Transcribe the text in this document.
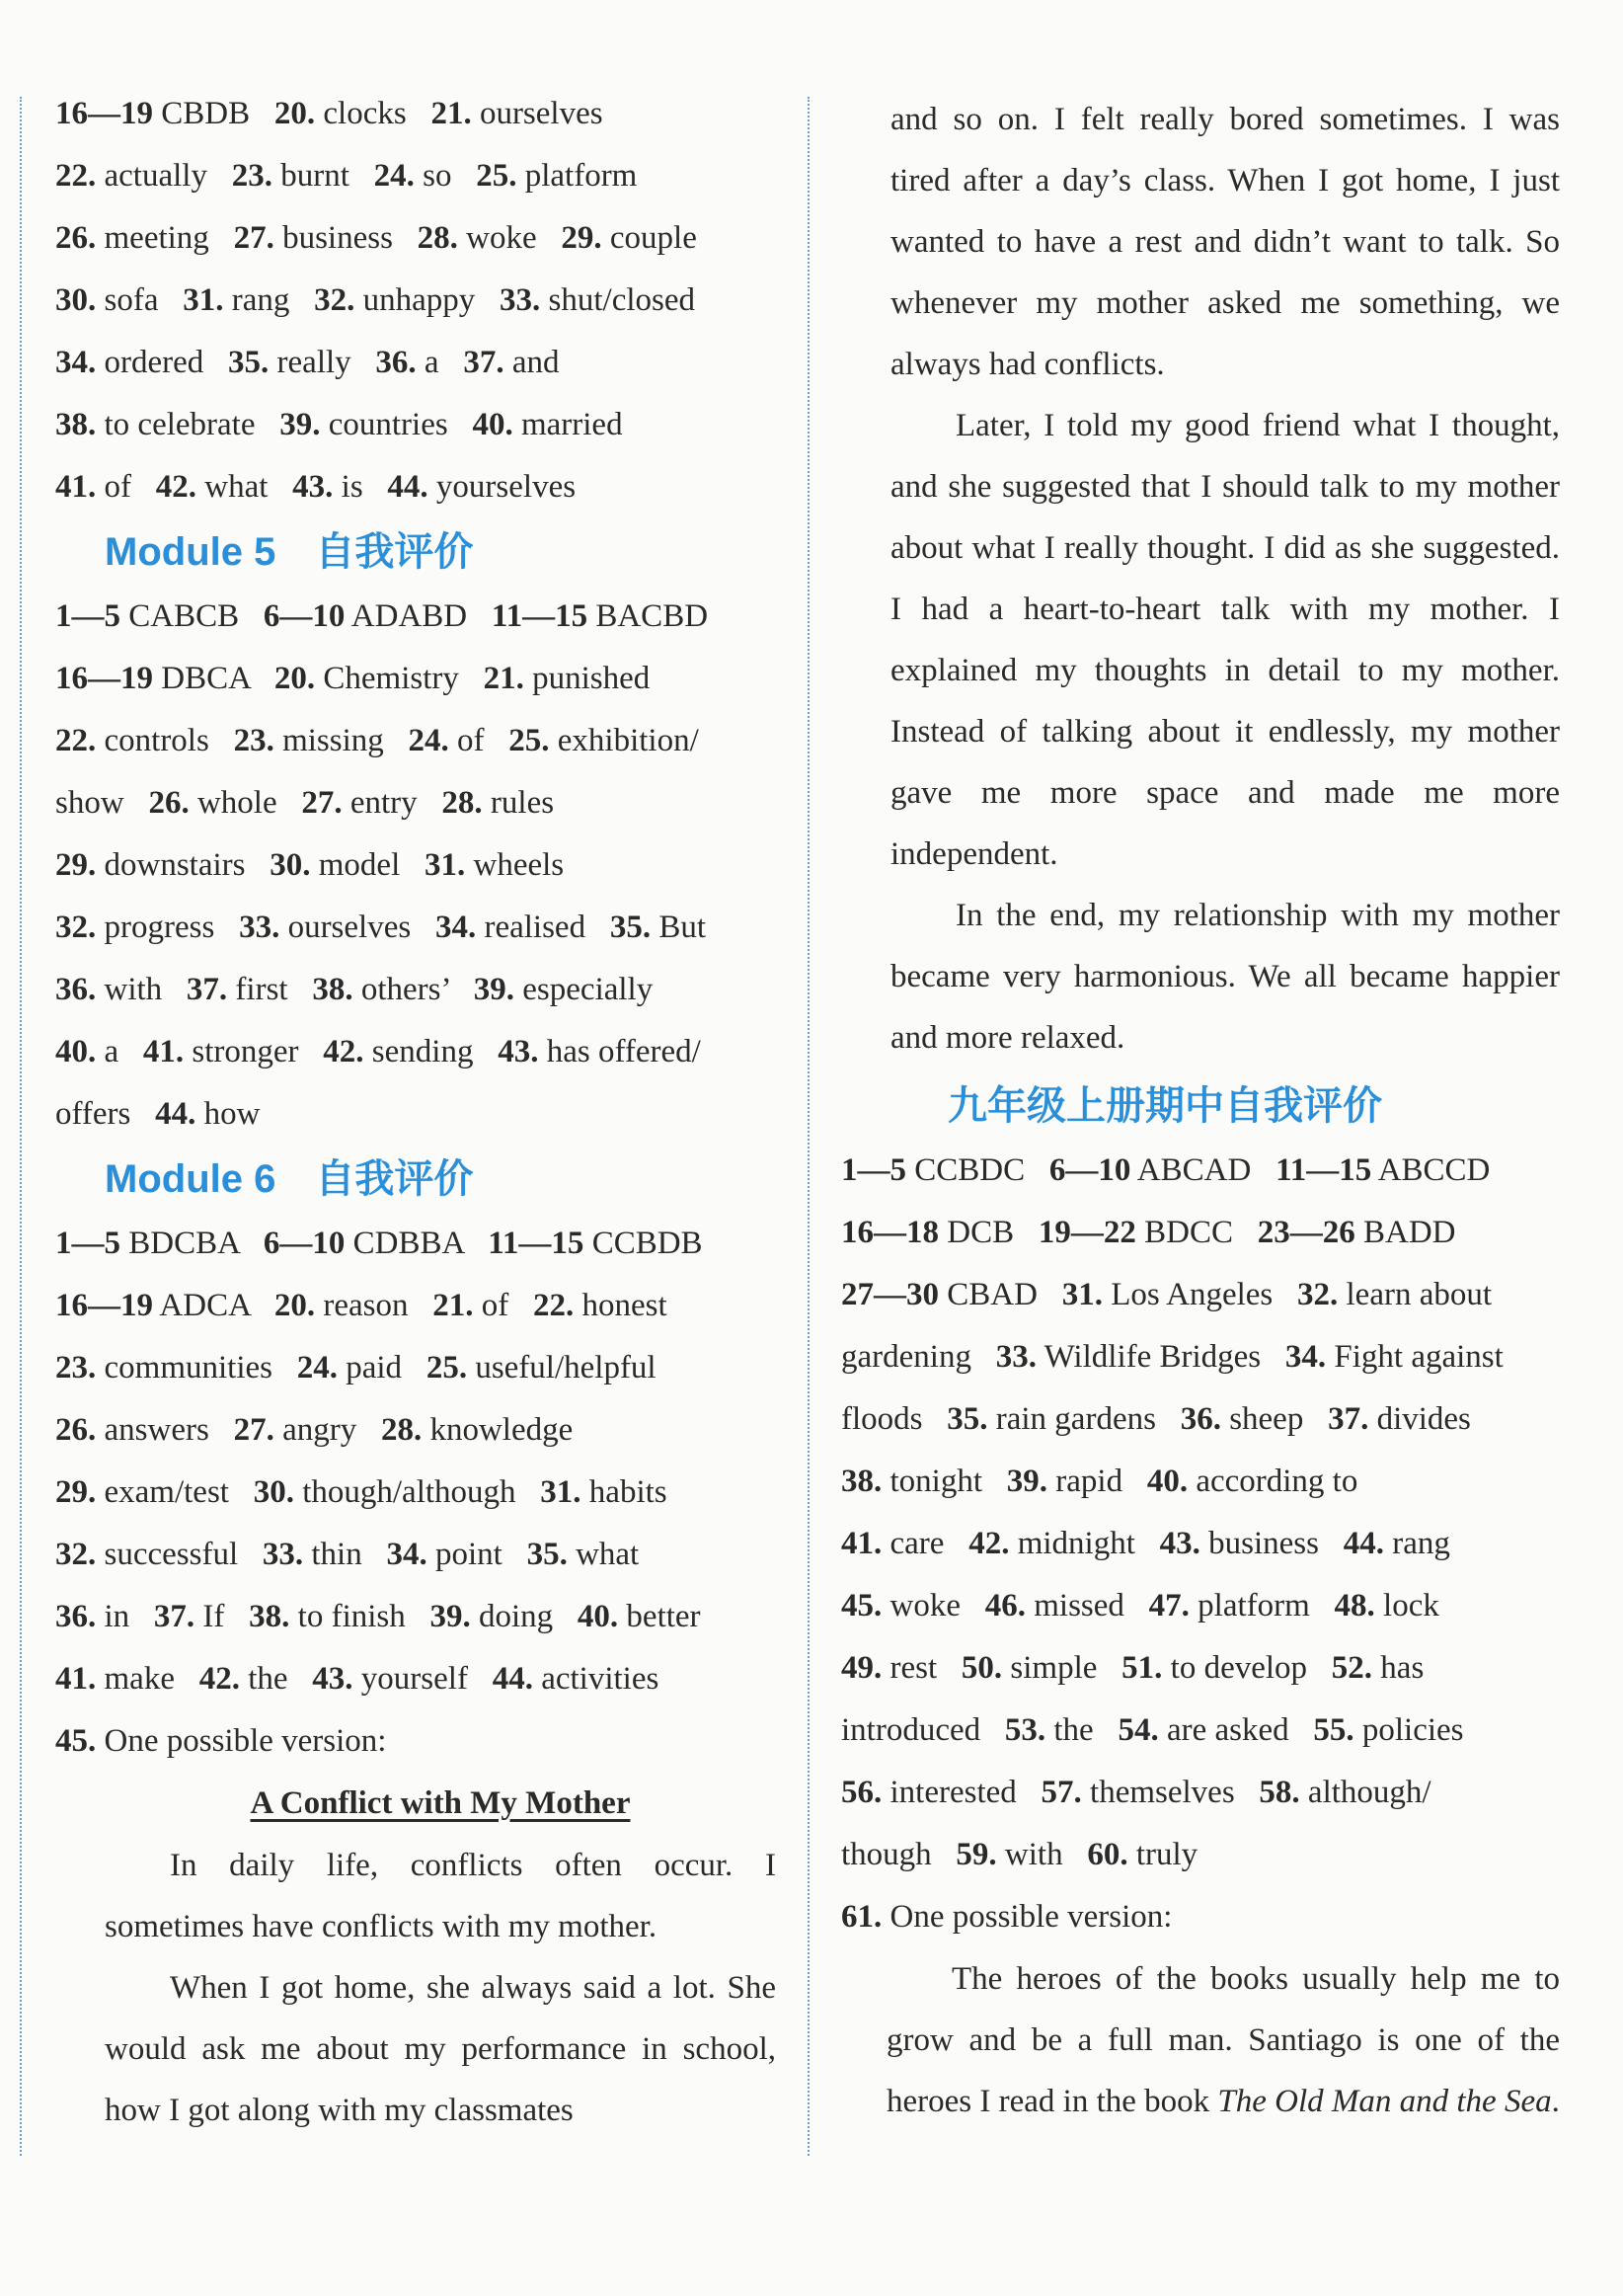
16—19 CBDB   20. clocks   21. ourselves
22. actually   23. burnt   24. so   25. platform
26. meeting   27. business   28. woke   29. couple
30. sofa   31. rang   32. unhappy   33. shut/closed
34. ordered   35. really   36. a   37. and
38. to celebrate   39. countries   40. married
41. of   42. what   43. is   44. yourselves
Module 5　自我评价
1—5 CABCB   6—10 ADABD   11—15 BACBD
16—19 DBCA   20. Chemistry   21. punished
22. controls   23. missing   24. of   25. exhibition/
show   26. whole   27. entry   28. rules
29. downstairs   30. model   31. wheels
32. progress   33. ourselves   34. realised   35. But
36. with   37. first   38. others’   39. especially
40. a   41. stronger   42. sending   43. has offered/
offers   44. how
Module 6　自我评价
1—5 BDCBA   6—10 CDBBA   11—15 CCBDB
16—19 ADCA   20. reason   21. of   22. honest
23. communities   24. paid   25. useful/helpful
26. answers   27. angry   28. knowledge
29. exam/test   30. though/although   31. habits
32. successful   33. thin   34. point   35. what
36. in   37. If   38. to finish   39. doing   40. better
41. make   42. the   43. yourself   44. activities
45. One possible version:
A Conflict with My Mother

In daily life, conflicts often occur. I sometimes have conflicts with my mother.

When I got home, she always said a lot. She would ask me about my performance in school, how I got along with my classmates

and so on. I felt really bored sometimes. I was tired after a day’s class. When I got home, I just wanted to have a rest and didn’t want to talk. So whenever my mother asked me something, we always had conflicts.

Later, I told my good friend what I thought, and she suggested that I should talk to my mother about what I really thought. I did as she suggested. I had a heart-to-heart talk with my mother. I explained my thoughts in detail to my mother. Instead of talking about it endlessly, my mother gave me more space and made me more independent.

In the end, my relationship with my mother became very harmonious. We all became happier and more relaxed.

九年级上册期中自我评价
1—5 CCBDC   6—10 ABCAD   11—15 ABCCD
16—18 DCB   19—22 BDCC   23—26 BADD
27—30 CBAD   31. Los Angeles   32. learn about
gardening   33. Wildlife Bridges   34. Fight against
floods   35. rain gardens   36. sheep   37. divides
38. tonight   39. rapid   40. according to
41. care   42. midnight   43. business   44. rang
45. woke   46. missed   47. platform   48. lock
49. rest   50. simple   51. to develop   52. has
introduced   53. the   54. are asked   55. policies
56. interested   57. themselves   58. although/
though   59. with   60. truly
61. One possible version:

The heroes of the books usually help me to grow and be a full man. Santiago is one of the heroes I read in the book The Old Man and the Sea.
